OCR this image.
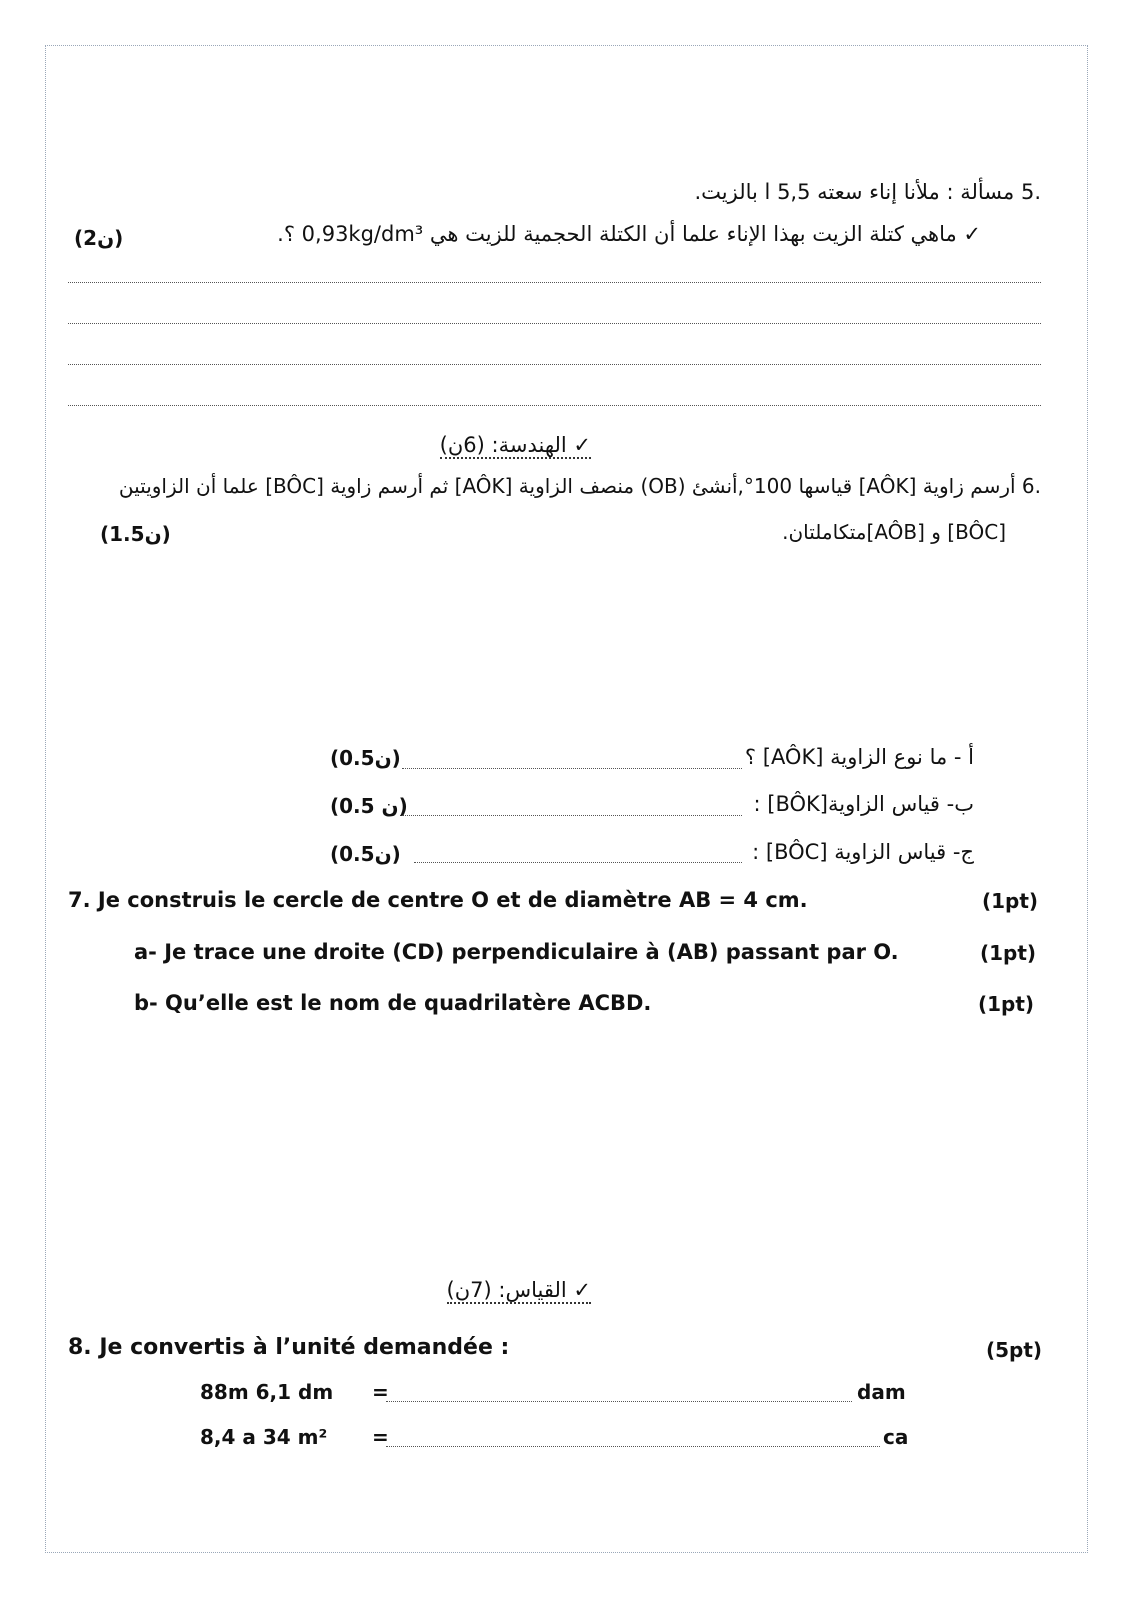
.5 مسألة : ملأنا إناء سعته 5,5 l بالزيت.
✓ ماهي كتلة الزيت بهذا الإناء علما أن الكتلة الحجمية للزيت هي 0,93kg/dm³ ؟.
(2ن)
✓ الهندسة: (6ن)
.6 أرسم زاوية [AÔK] قياسها 100°,أنشئ (OB) منصف الزاوية [AÔK] ثم أرسم زاوية [BÔC] علما أن الزاويتين
[BÔC] و [AÔB]متكاملتان.
(1.5ن)
أ - ما نوع الزاوية [AÔK] ؟
(0.5ن)
ب- قياس الزاوية[BÔK] :
(0.5 ن)
ج- قياس الزاوية [BÔC] :
(0.5ن)
7. Je construis le cercle de centre O et de diamètre AB = 4 cm.	(1pt)
a- Je trace une droite (CD) perpendiculaire à (AB) passant par O.	(1pt)
b- Qu’elle est le nom de quadrilatère ACBD.	(1pt)
✓ القياس: (7ن)
8. Je convertis à l’unité demandée :	(5pt)
88m 6,1 dm =	dam
8,4 a 34 m² =	ca
